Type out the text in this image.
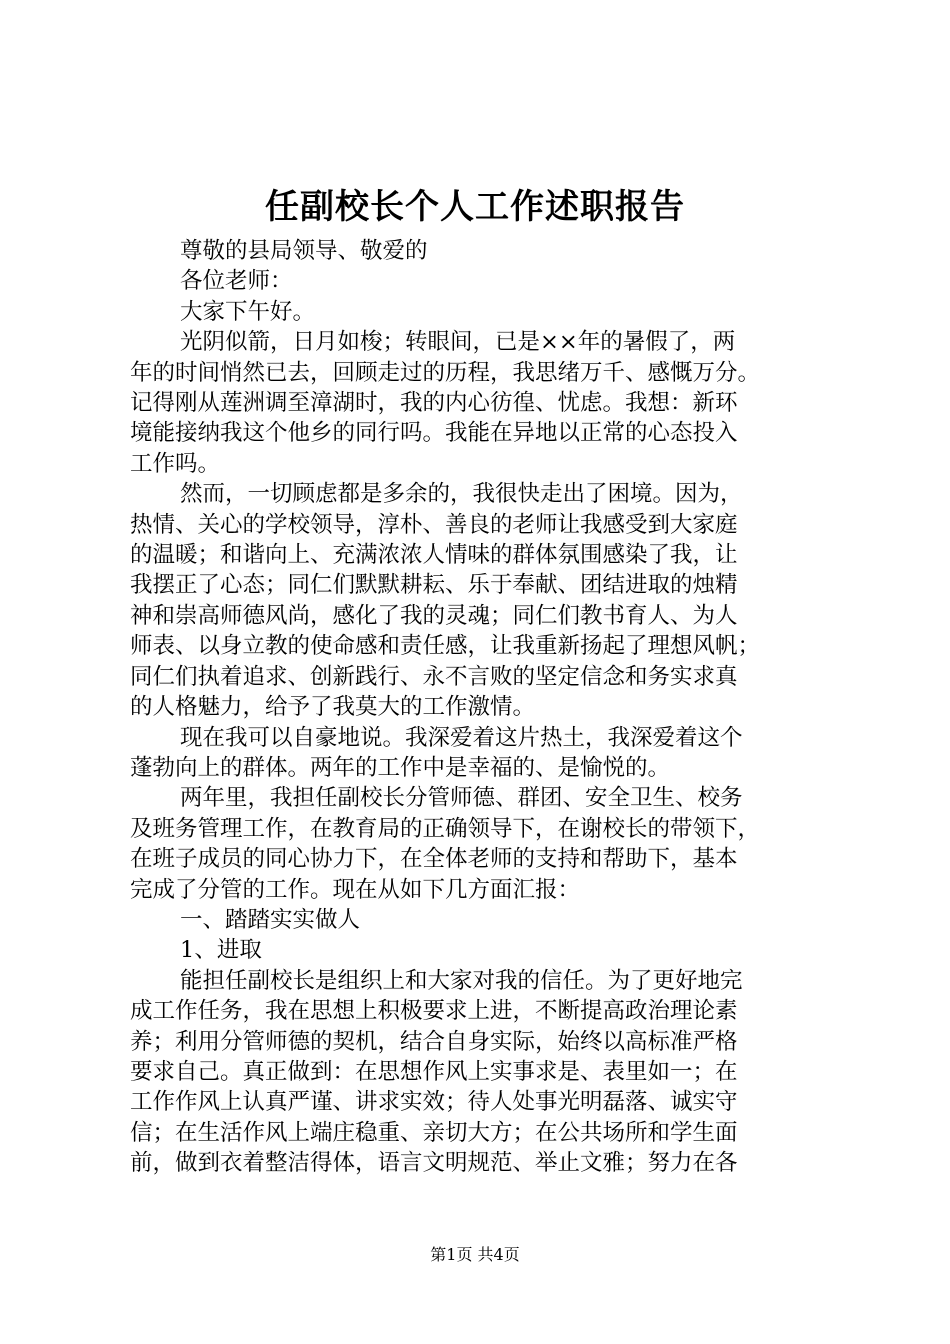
任副校长个人工作述职报告
尊敬的县局领导、敬爱的
各位老师：
大家下午好。
光阴似箭，日月如梭；转眼间，已是××年的暑假了，两
年的时间悄然已去，回顾走过的历程，我思绪万千、感慨万分。
记得刚从莲洲调至漳湖时，我的内心彷徨、忧虑。我想：新环
境能接纳我这个他乡的同行吗。我能在异地以正常的心态投入
工作吗。
然而，一切顾虑都是多余的，我很快走出了困境。因为，
热情、关心的学校领导，淳朴、善良的老师让我感受到大家庭
的温暖；和谐向上、充满浓浓人情味的群体氛围感染了我，让
我摆正了心态；同仁们默默耕耘、乐于奉献、团结进取的烛精
神和崇高师德风尚，感化了我的灵魂；同仁们教书育人、为人
师表、以身立教的使命感和责任感，让我重新扬起了理想风帆；
同仁们执着追求、创新践行、永不言败的坚定信念和务实求真
的人格魅力，给予了我莫大的工作激情。
现在我可以自豪地说。我深爱着这片热土，我深爱着这个
蓬勃向上的群体。两年的工作中是幸福的、是愉悦的。
两年里，我担任副校长分管师德、群团、安全卫生、校务
及班务管理工作，在教育局的正确领导下，在谢校长的带领下，
在班子成员的同心协力下，在全体老师的支持和帮助下，基本
完成了分管的工作。现在从如下几方面汇报：
一、踏踏实实做人
1、进取
能担任副校长是组织上和大家对我的信任。为了更好地完
成工作任务，我在思想上积极要求上进，不断提高政治理论素
养；利用分管师德的契机，结合自身实际，始终以高标准严格
要求自己。真正做到：在思想作风上实事求是、表里如一；在
工作作风上认真严谨、讲求实效；待人处事光明磊落、诚实守
信；在生活作风上端庄稳重、亲切大方；在公共场所和学生面
前，做到衣着整洁得体，语言文明规范、举止文雅；努力在各
第1页 共4页
